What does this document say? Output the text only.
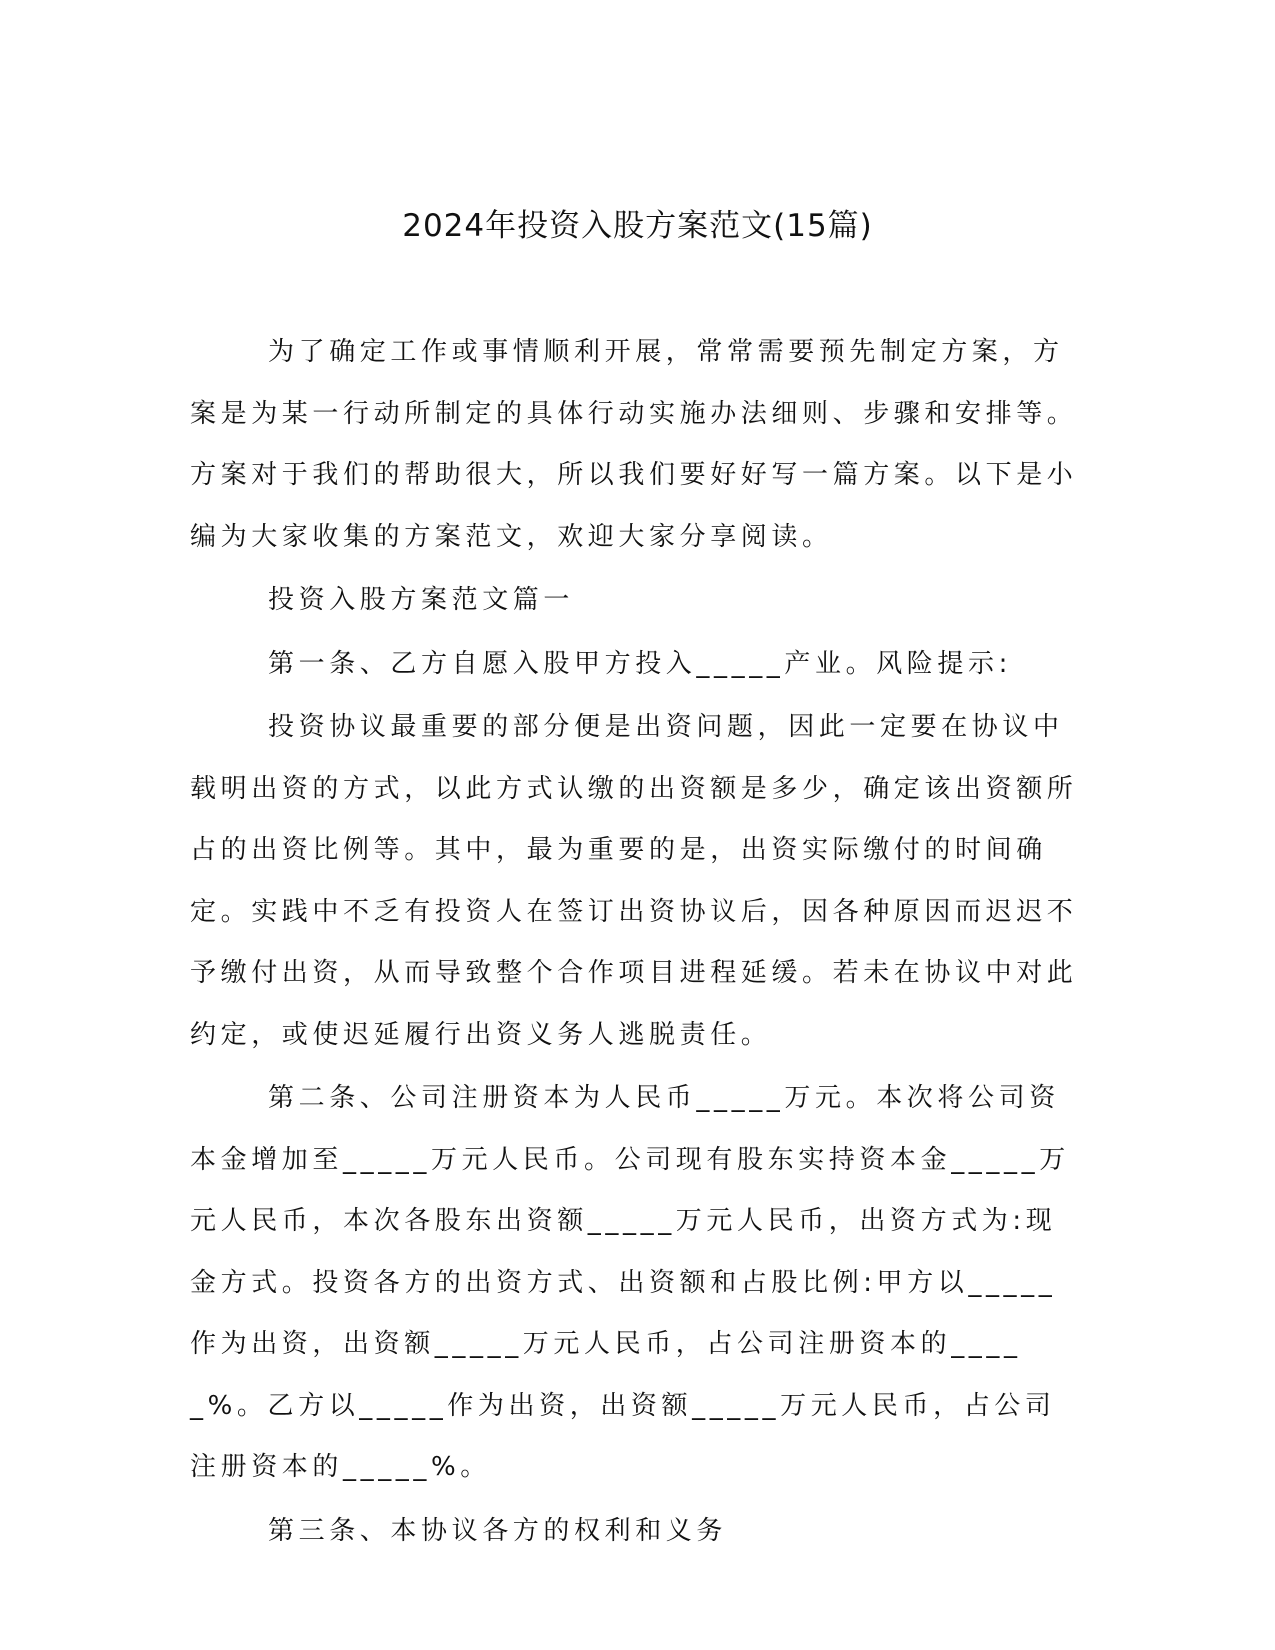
2024年投资入股方案范文(15篇)

为了确定工作或事情顺利开展，常常需要预先制定方案，方案是为某一行动所制定的具体行动实施办法细则、步骤和安排等。方案对于我们的帮助很大，所以我们要好好写一篇方案。以下是小编为大家收集的方案范文，欢迎大家分享阅读。

投资入股方案范文篇一

第一条、乙方自愿入股甲方投入_____产业。风险提示:

投资协议最重要的部分便是出资问题，因此一定要在协议中载明出资的方式，以此方式认缴的出资额是多少，确定该出资额所占的出资比例等。其中，最为重要的是，出资实际缴付的时间确定。实践中不乏有投资人在签订出资协议后，因各种原因而迟迟不予缴付出资，从而导致整个合作项目进程延缓。若未在协议中对此约定，或使迟延履行出资义务人逃脱责任。

第二条、公司注册资本为人民币_____万元。本次将公司资本金增加至_____万元人民币。公司现有股东实持资本金_____万元人民币，本次各股东出资额_____万元人民币，出资方式为:现金方式。投资各方的出资方式、出资额和占股比例:甲方以_____作为出资，出资额_____万元人民币，占公司注册资本的_____%。乙方以_____作为出资，出资额_____万元人民币，占公司注册资本的_____%。

第三条、本协议各方的权利和义务
